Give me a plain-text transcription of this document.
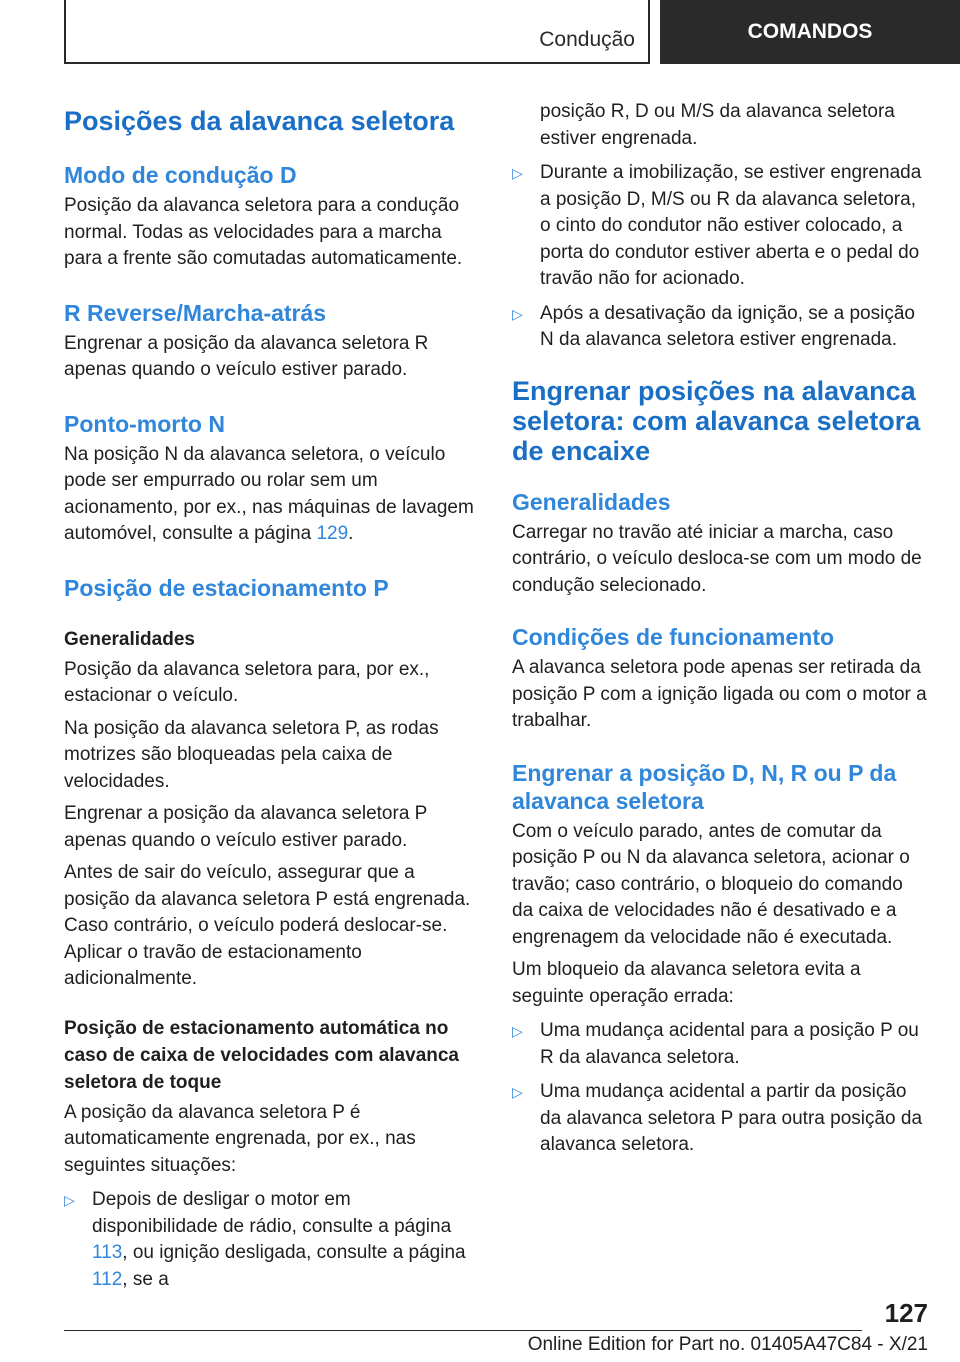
Condução	COMANDOS
Posições da alavanca seletora
Modo de condução D

Posição da alavanca seletora para a condução normal. Todas as velocidades para a marcha para a frente são comutadas automaticamente.

R Reverse/Marcha-atrás

Engrenar a posição da alavanca seletora R apenas quando o veículo estiver parado.

Ponto-morto N

Na posição N da alavanca seletora, o veículo pode ser empurrado ou rolar sem um acionamento, por ex., nas máquinas de lavagem automóvel, consulte a página 129.

Posição de estacionamento P
Generalidades

Posição da alavanca seletora para, por ex., estacionar o veículo.

Na posição da alavanca seletora P, as rodas motrizes são bloqueadas pela caixa de velocidades.

Engrenar a posição da alavanca seletora P apenas quando o veículo estiver parado.

Antes de sair do veículo, assegurar que a posição da alavanca seletora P está engrenada. Caso contrário, o veículo poderá deslocar-se. Aplicar o travão de estacionamento adicionalmente.

Posição de estacionamento automática no caso de caixa de velocidades com alavanca seletora de toque

A posição da alavanca seletora P é automaticamente engrenada, por ex., nas seguintes situações:

▷ Depois de desligar o motor em disponibilidade de rádio, consulte a página 113, ou ignição desligada, consulte a página 112, se a

posição R, D ou M/S da alavanca seletora estiver engrenada.

▷ Durante a imobilização, se estiver engrenada a posição D, M/S ou R da alavanca seletora, o cinto do condutor não estiver colocado, a porta do condutor estiver aberta e o pedal do travão não for acionado.

▷ Após a desativação da ignição, se a posição N da alavanca seletora estiver engrenada.

Engrenar posições na alavanca seletora: com alavanca seletora de encaixe
Generalidades

Carregar no travão até iniciar a marcha, caso contrário, o veículo desloca-se com um modo de condução selecionado.

Condições de funcionamento

A alavanca seletora pode apenas ser retirada da posição P com a ignição ligada ou com o motor a trabalhar.

Engrenar a posição D, N, R ou P da alavanca seletora

Com o veículo parado, antes de comutar da posição P ou N da alavanca seletora, acionar o travão; caso contrário, o bloqueio do comando da caixa de velocidades não é desativado e a engrenagem da velocidade não é executada.

Um bloqueio da alavanca seletora evita a seguinte operação errada:

▷ Uma mudança acidental para a posição P ou R da alavanca seletora.

▷ Uma mudança acidental a partir da posição da alavanca seletora P para outra posição da alavanca seletora.

127
Online Edition for Part no. 01405A47C84 - X/21
